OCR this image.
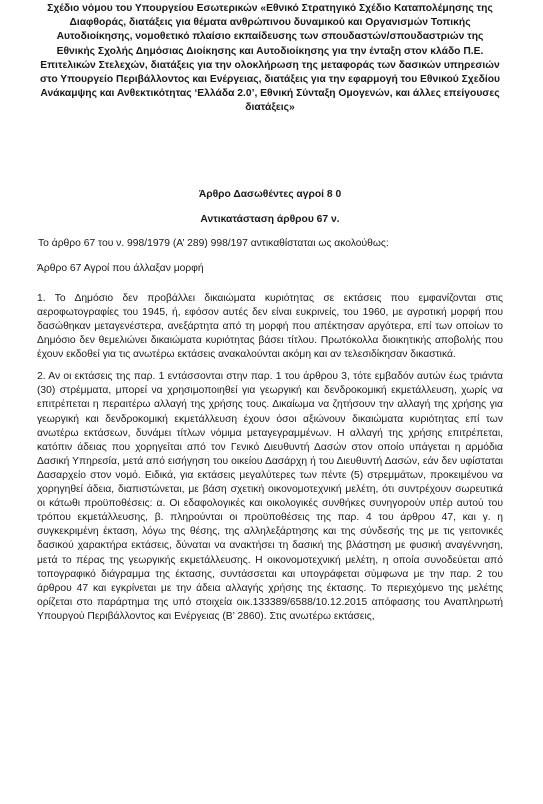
Σχέδιο νόμου του Υπουργείου Εσωτερικών «Εθνικό Στρατηγικό Σχέδιο Καταπολέμησης της Διαφθοράς, διατάξεις για θέματα ανθρώπινου δυναμικού και Οργανισμών Τοπικής Αυτοδιοίκησης, νομοθετικό πλαίσιο εκπαίδευσης των σπουδαστών/σπουδαστριών της Εθνικής Σχολής Δημόσιας Διοίκησης και Αυτοδιοίκησης για την ένταξη στον κλάδο Π.Ε. Επιτελικών Στελεχών, διατάξεις για την ολοκλήρωση της μεταφοράς των δασικών υπηρεσιών στο Υπουργείο Περιβάλλοντος και Ενέργειας, διατάξεις για την εφαρμογή του Εθνικού Σχεδίου Ανάκαμψης και Ανθεκτικότητας ‘Ελλάδα 2.0’, Εθνική Σύνταξη Ομογενών, και άλλες επείγουσες διατάξεις»

Άρθρο Δασωθέντες αγροί 8 0

Αντικατάσταση άρθρου 67 ν.

Το άρθρο 67 του ν. 998/1979 (Α’ 289) 998/197 αντικαθίσταται ως ακολούθως:

Άρθρο 67 Αγροί που άλλαξαν μορφή

1. Το Δημόσιο δεν προβάλλει δικαιώματα κυριότητας σε εκτάσεις που εμφανίζονται στις αεροφωτογραφίες του 1945, ή, εφόσον αυτές δεν είναι ευκρινείς, του 1960, με αγροτική μορφή που δασώθηκαν μεταγενέστερα, ανεξάρτητα από τη μορφή που απέκτησαν αργότερα, επί των οποίων το Δημόσιο δεν θεμελιώνει δικαιώματα κυριότητας βάσει τίτλου. Πρωτόκολλα διοικητικής αποβολής που έχουν εκδοθεί για τις ανωτέρω εκτάσεις ανακαλούνται ακόμη και αν τελεσιδίκησαν δικαστικά.

2. Αν οι εκτάσεις της παρ. 1 εντάσσονται στην παρ. 1 του άρθρου 3, τότε εμβαδόν αυτών έως τριάντα (30) στρέμματα, μπορεί να χρησιμοποιηθεί για γεωργική και δενδροκομική εκμετάλλευση, χωρίς να επιτρέπεται η περαιτέρω αλλαγή της χρήσης τους. Δικαίωμα να ζητήσουν την αλλαγή της χρήσης για γεωργική και δενδροκομική εκμετάλλευση έχουν όσοι αξιώνουν δικαιώματα κυριότητας επί των ανωτέρω εκτάσεων, δυνάμει τίτλων νόμιμα μεταγεγραμμένων. Η αλλαγή της χρήσης επιτρέπεται, κατόπιν άδειας που χορηγείται από τον Γενικό Διευθυντή Δασών στον οποίο υπάγεται η αρμόδια Δασική Υπηρεσία, μετά από εισήγηση του οικείου Δασάρχη ή του Διευθυντή Δασών, εάν δεν υφίσταται Δασαρχείο στον νομό. Ειδικά, για εκτάσεις μεγαλύτερες των πέντε (5) στρεμμάτων, προκειμένου να χορηγηθεί άδεια, διαπιστώνεται, με βάση σχετική οικονομοτεχνική μελέτη, ότι συντρέχουν σωρευτικά οι κάτωθι προϋποθέσεις: α. Οι εδαφολογικές και οικολογικές συνθήκες συνηγορούν υπέρ αυτού του τρόπου εκμετάλλευσης, β. πληρούνται οι προϋποθέσεις της παρ. 4 του άρθρου 47, και γ. η συγκεκριμένη έκταση, λόγω της θέσης, της αλληλεξάρτησης και της σύνδεσής της με τις γειτονικές δασικού χαρακτήρα εκτάσεις, δύναται να ανακτήσει τη δασική της βλάστηση με φυσική αναγέννηση, μετά το πέρας της γεωργικής εκμετάλλευσης. Η οικονομοτεχνική μελέτη, η οποία συνοδεύεται από τοπογραφικό διάγραμμα της έκτασης, συντάσσεται και υπογράφεται σύμφωνα με την παρ. 2 του άρθρου 47 και εγκρίνεται με την άδεια αλλαγής χρήσης της έκτασης. Το περιεχόμενο της μελέτης ορίζεται στο παράρτημα της υπό στοιχεία οικ.133389/6588/10.12.2015 απόφασης του Αναπληρωτή Υπουργού Περιβάλλοντος και Ενέργειας (Β’ 2860). Στις ανωτέρω εκτάσεις,
